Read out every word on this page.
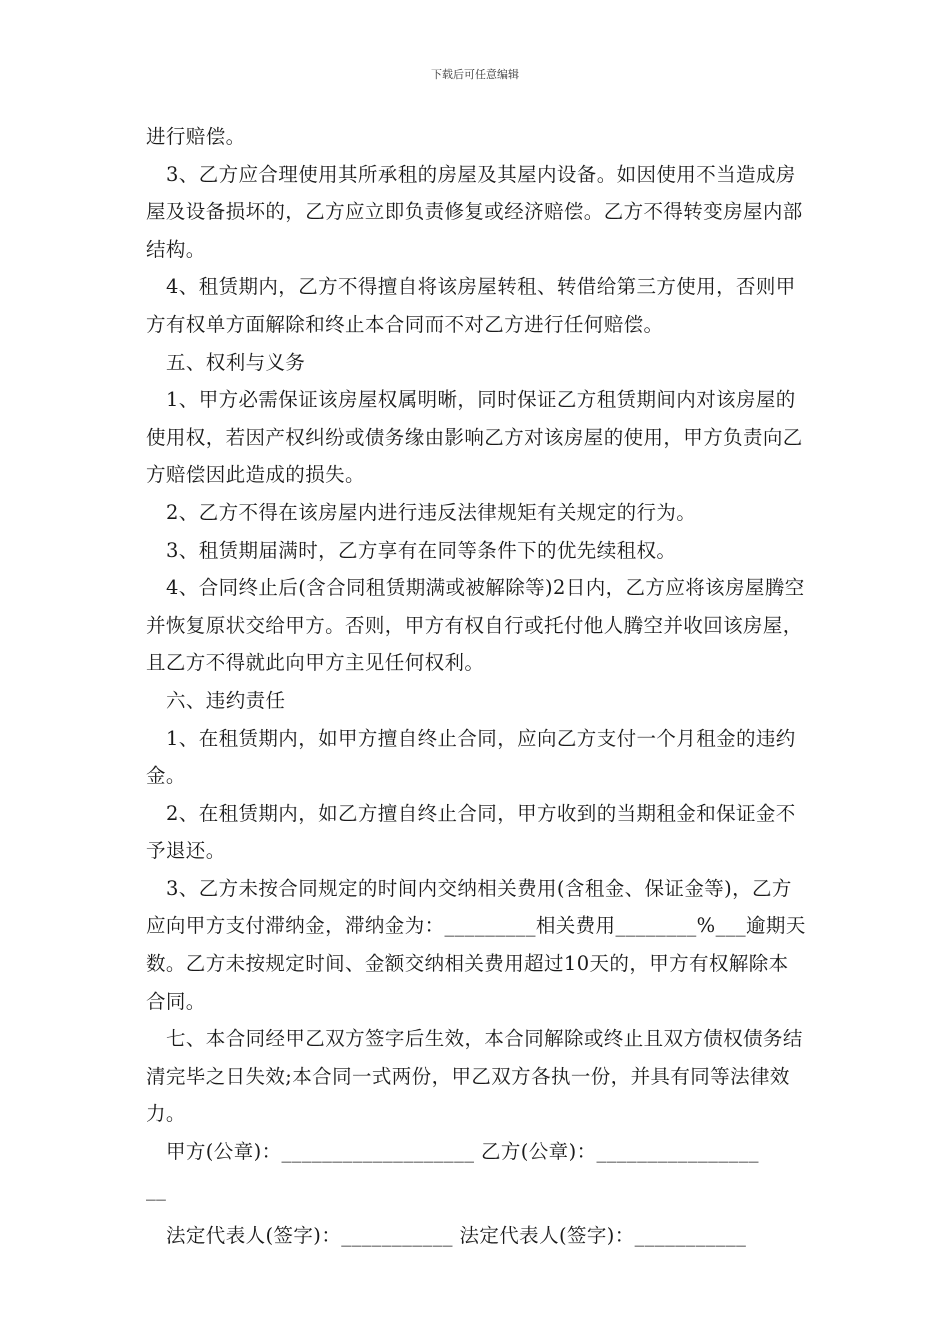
下载后可任意编辑

进行赔偿。

3、乙方应合理使用其所承租的房屋及其屋内设备。如因使用不当造成房屋及设备损坏的，乙方应立即负责修复或经济赔偿。乙方不得转变房屋内部结构。

4、租赁期内，乙方不得擅自将该房屋转租、转借给第三方使用，否则甲方有权单方面解除和终止本合同而不对乙方进行任何赔偿。

五、权利与义务

1、甲方必需保证该房屋权属明晰，同时保证乙方租赁期间内对该房屋的使用权，若因产权纠纷或债务缘由影响乙方对该房屋的使用，甲方负责向乙方赔偿因此造成的损失。

2、乙方不得在该房屋内进行违反法律规矩有关规定的行为。

3、租赁期届满时，乙方享有在同等条件下的优先续租权。

4、合同终止后(含合同租赁期满或被解除等)2日内，乙方应将该房屋腾空并恢复原状交给甲方。否则，甲方有权自行或托付他人腾空并收回该房屋，且乙方不得就此向甲方主见任何权利。

六、违约责任

1、在租赁期内，如甲方擅自终止合同，应向乙方支付一个月租金的违约金。

2、在租赁期内，如乙方擅自终止合同，甲方收到的当期租金和保证金不予退还。

3、乙方未按合同规定的时间内交纳相关费用(含租金、保证金等)，乙方应向甲方支付滞纳金，滞纳金为：_________相关费用________%___逾期天数。乙方未按规定时间、金额交纳相关费用超过10天的，甲方有权解除本合同。

七、本合同经甲乙双方签字后生效，本合同解除或终止且双方债权债务结清完毕之日失效;本合同一式两份，甲乙双方各执一份，并具有同等法律效力。

甲方(公章)：___________________ 乙方(公章)：________________

__

法定代表人(签字)：___________ 法定代表人(签字)：___________
